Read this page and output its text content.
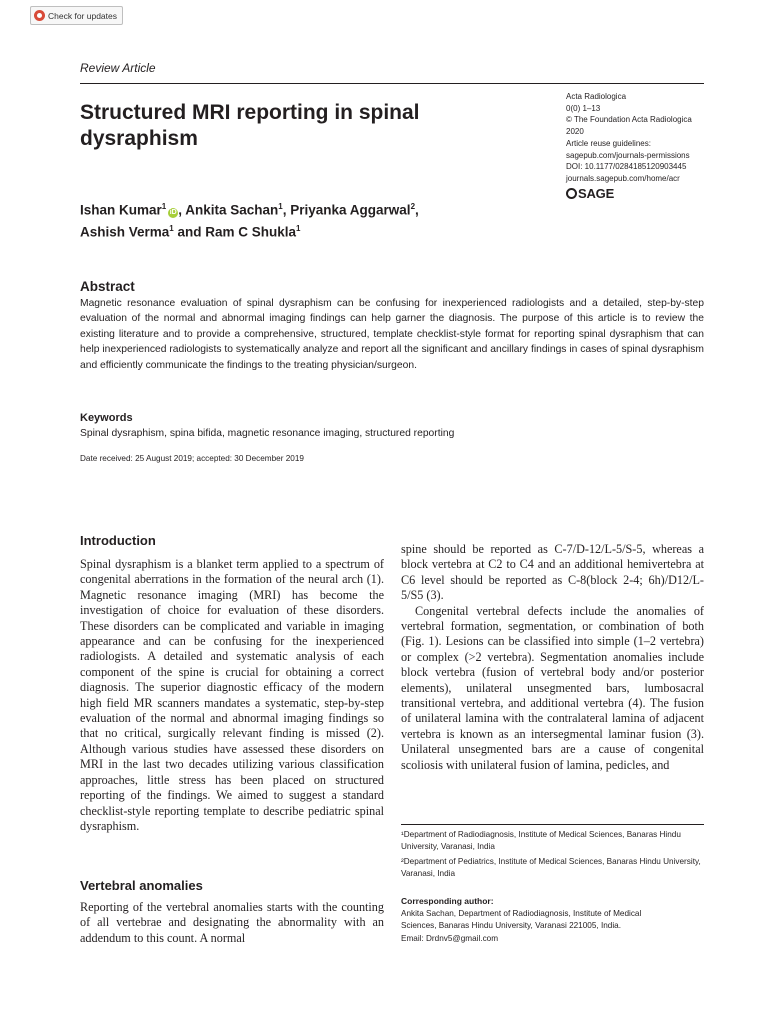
Check for updates
Review Article
Structured MRI reporting in spinal dysraphism
Acta Radiologica
0(0) 1–13
© The Foundation Acta Radiologica
2020
Article reuse guidelines:
sagepub.com/journals-permissions
DOI: 10.1177/0284185120903445
journals.sagepub.com/home/acr
SAGE
Ishan Kumar$^1$iD , Ankita Sachan$^1$, Priyanka Aggarwal$^2$,
Ashish Verma$^1$ and Ram C Shukla$^1$
Abstract
Magnetic resonance evaluation of spinal dysraphism can be confusing for inexperienced radiologists and a detailed, step-by-step evaluation of the normal and abnormal imaging findings can help garner the diagnosis. The purpose of this article is to review the existing literature and to provide a comprehensive, structured, template checklist-style format for reporting spinal dysraphism that can help inexperienced radiologists to systematically analyze and report all the significant and ancillary findings in cases of spinal dysraphism and efficiently communicate the findings to the treating physician/surgeon.
Keywords
Spinal dysraphism, spina bifida, magnetic resonance imaging, structured reporting
Date received: 25 August 2019; accepted: 30 December 2019
Introduction
Spinal dysraphism is a blanket term applied to a spectrum of congenital aberrations in the formation of the neural arch (1). Magnetic resonance imaging (MRI) has become the investigation of choice for evaluation of these disorders. These disorders can be complicated and variable in imaging appearance and can be confusing for the inexperienced radiologists. A detailed and systematic analysis of each component of the spine is crucial for obtaining a correct diagnosis. The superior diagnostic efficacy of the modern high field MR scanners mandates a systematic, step-by-step evaluation of the normal and abnormal imaging findings so that no critical, surgically relevant finding is missed (2). Although various studies have assessed these disorders on MRI in the last two decades utilizing various classification approaches, little stress has been placed on structured reporting of the findings. We aimed to suggest a standard checklist-style reporting template to describe pediatric spinal dysraphism.
Vertebral anomalies
Reporting of the vertebral anomalies starts with the counting of all vertebrae and designating the abnormality with an addendum to this count. A normal

spine should be reported as C-7/D-12/L-5/S-5, whereas a block vertebra at C2 to C4 and an additional hemivertebra at C6 level should be reported as C-8(block 2-4; 6h)/D12/L-5/S5 (3).

Congenital vertebral defects include the anomalies of vertebral formation, segmentation, or combination of both (Fig. 1). Lesions can be classified into simple (1–2 vertebra) or complex (>2 vertebra). Segmentation anomalies include block vertebra (fusion of vertebral body and/or posterior elements), unilateral unsegmented bars, lumbosacral transitional vertebra, and additional vertebra (4). The fusion of unilateral lamina with the contralateral lamina of adjacent vertebra is known as an intersegmental laminar fusion (3). Unilateral unsegmented bars are a cause of congenital scoliosis with unilateral fusion of lamina, pedicles, and

¹Department of Radiodiagnosis, Institute of Medical Sciences, Banaras Hindu University, Varanasi, India
²Department of Pediatrics, Institute of Medical Sciences, Banaras Hindu University, Varanasi, India
Corresponding author:
Ankita Sachan, Department of Radiodiagnosis, Institute of Medical
Sciences, Banaras Hindu University, Varanasi 221005, India.
Email: Drdnv5@gmail.com
